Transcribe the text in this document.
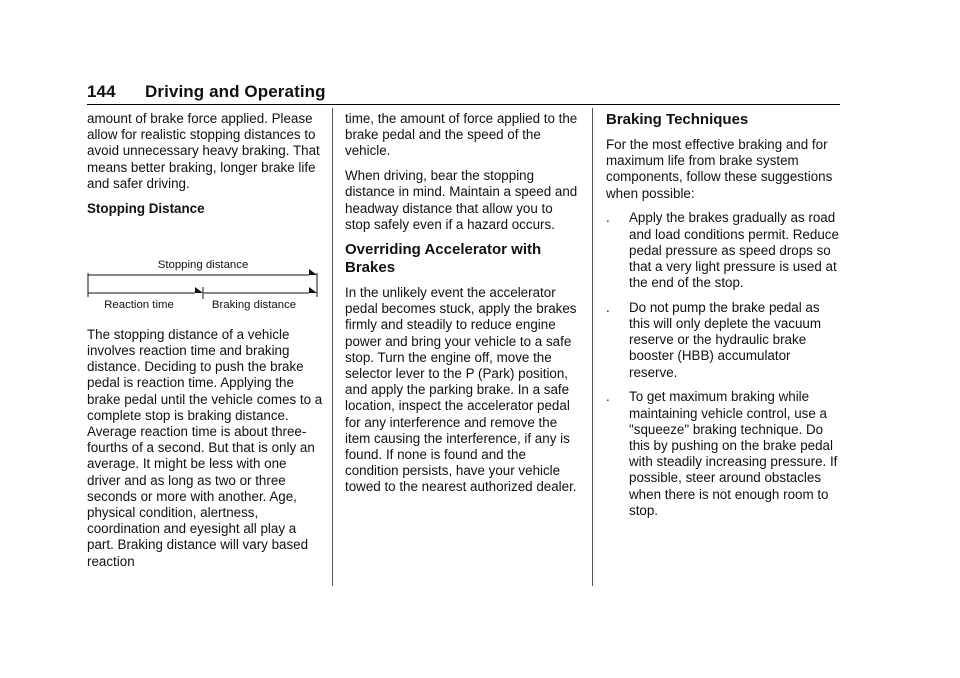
144 Driving and Operating

amount of brake force applied. Please allow for realistic stopping distances to avoid unnecessary heavy braking. That means better braking, longer brake life and safer driving.

Stopping Distance

Stopping distance
Reaction time	Braking distance

The stopping distance of a vehicle involves reaction time and braking distance. Deciding to push the brake pedal is reaction time. Applying the brake pedal until the vehicle comes to a complete stop is braking distance. Average reaction time is about three-fourths of a second. But that is only an average. It might be less with one driver and as long as two or three seconds or more with another. Age, physical condition, alertness, coordination and eyesight all play a part. Braking distance will vary based reaction

time, the amount of force applied to the brake pedal and the speed of the vehicle.

When driving, bear the stopping distance in mind. Maintain a speed and headway distance that allow you to stop safely even if a hazard occurs.

Overriding Accelerator with Brakes

In the unlikely event the accelerator pedal becomes stuck, apply the brakes firmly and steadily to reduce engine power and bring your vehicle to a safe stop. Turn the engine off, move the selector lever to the P (Park) position, and apply the parking brake. In a safe location, inspect the accelerator pedal for any interference and remove the item causing the interference, if any is found. If none is found and the condition persists, have your vehicle towed to the nearest authorized dealer.

Braking Techniques

For the most effective braking and for maximum life from brake system components, follow these suggestions when possible:

. Apply the brakes gradually as road and load conditions permit. Reduce pedal pressure as speed drops so that a very light pressure is used at the end of the stop.
. Do not pump the brake pedal as this will only deplete the vacuum reserve or the hydraulic brake booster (HBB) accumulator reserve.
. To get maximum braking while maintaining vehicle control, use a "squeeze" braking technique. Do this by pushing on the brake pedal with steadily increasing pressure. If possible, steer around obstacles when there is not enough room to stop.
